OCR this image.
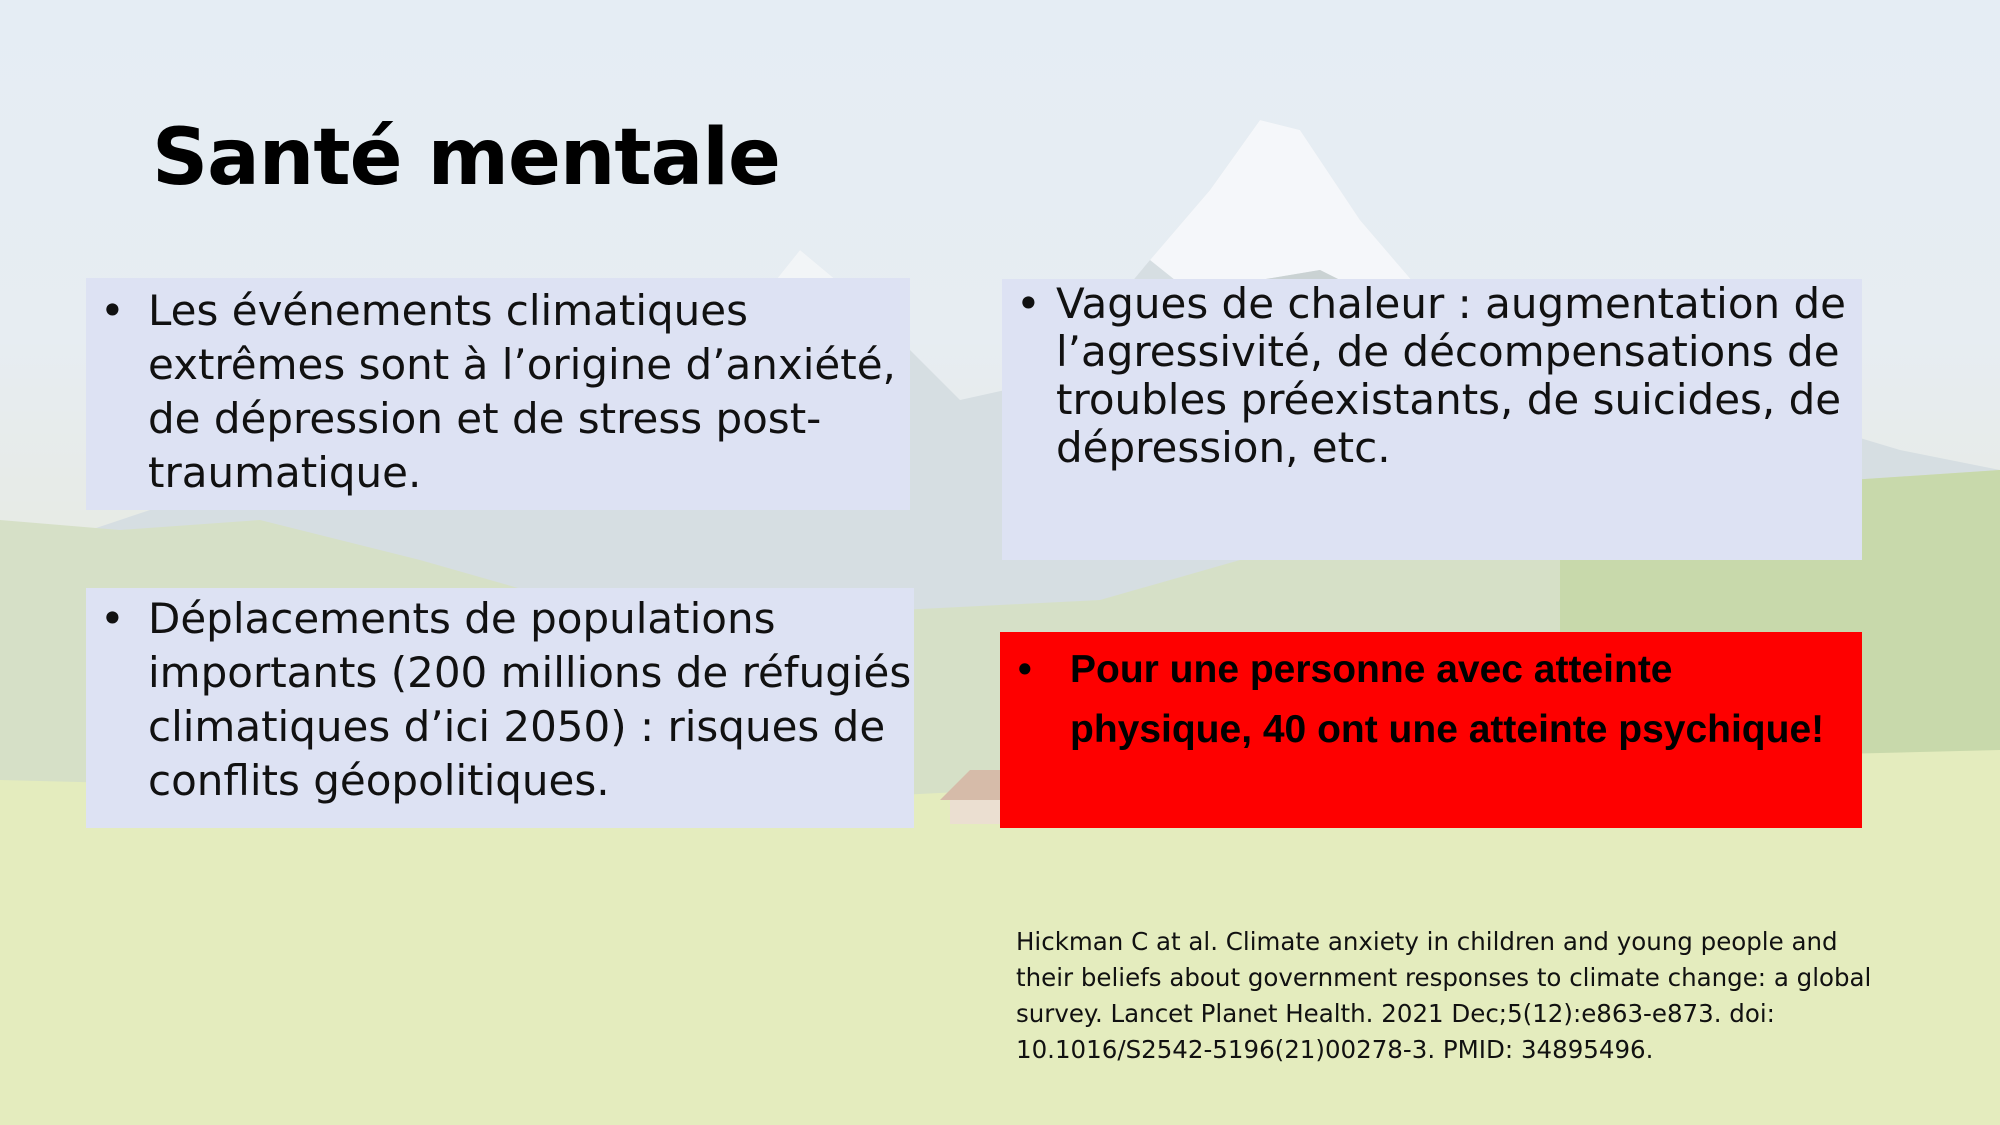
Santé mentale
• Les événements climatiques extrêmes sont à l’origine d’anxiété, de dépression et de stress post-traumatique.
• Déplacements de populations importants (200 millions de réfugiés climatiques d’ici 2050) : risques de conflits géopolitiques.
• Vagues de chaleur : augmentation de l’agressivité, de décompensations de troubles préexistants, de suicides, de dépression, etc.
• Pour une personne avec atteinte physique, 40 ont une atteinte psychique!

Hickman C at al. Climate anxiety in children and young people and their beliefs about government responses to climate change: a global survey. Lancet Planet Health. 2021 Dec;5(12):e863-e873. doi: 10.1016/S2542-5196(21)00278-3. PMID: 34895496.
